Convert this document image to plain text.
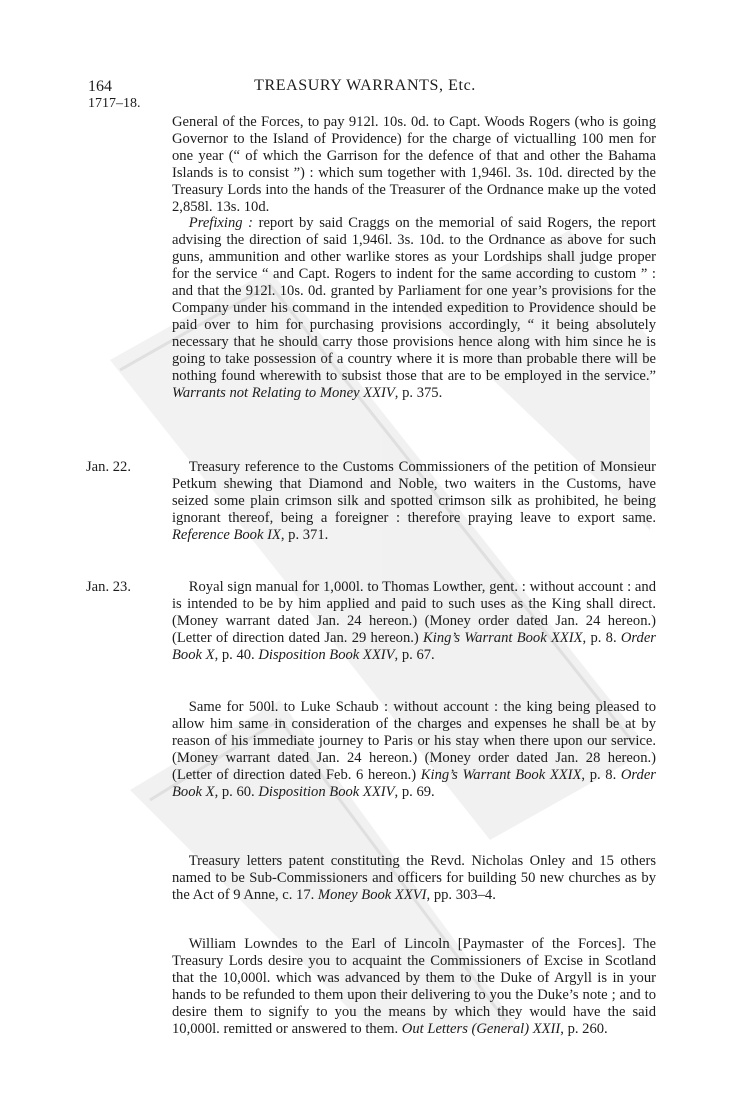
164	TREASURY WARRANTS, Etc.
1717–18.

General of the Forces, to pay 912l. 10s. 0d. to Capt. Woods Rogers (who is going Governor to the Island of Providence) for the charge of victualling 100 men for one year (“ of which the Garrison for the defence of that and other the Bahama Islands is to consist ”) : which sum together with 1,946l. 3s. 10d. directed by the Treasury Lords into the hands of the Treasurer of the Ordnance make up the voted 2,858l. 13s. 10d.

Prefixing : report by said Craggs on the memorial of said Rogers, the report advising the direction of said 1,946l. 3s. 10d. to the Ordnance as above for such guns, ammunition and other warlike stores as your Lordships shall judge proper for the service “ and Capt. Rogers to indent for the same according to custom ” : and that the 912l. 10s. 0d. granted by Parliament for one year’s provisions for the Company under his command in the intended expedition to Providence should be paid over to him for purchasing provisions accordingly, “ it being absolutely necessary that he should carry those provisions hence along with him since he is going to take possession of a country where it is more than probable there will be nothing found wherewith to subsist those that are to be employed in the service.” Warrants not Relating to Money XXIV, p. 375.

Jan. 22.	Treasury reference to the Customs Commissioners of the petition of Monsieur Petkum shewing that Diamond and Noble, two waiters in the Customs, have seized some plain crimson silk and spotted crimson silk as prohibited, he being ignorant thereof, being a foreigner : therefore praying leave to export same. Reference Book IX, p. 371.

Jan. 23.	Royal sign manual for 1,000l. to Thomas Lowther, gent. : without account : and is intended to be by him applied and paid to such uses as the King shall direct. (Money warrant dated Jan. 24 hereon.) (Money order dated Jan. 24 hereon.) (Letter of direction dated Jan. 29 hereon.) King’s Warrant Book XXIX, p. 8. Order Book X, p. 40. Disposition Book XXIV, p. 67.

Same for 500l. to Luke Schaub : without account : the king being pleased to allow him same in consideration of the charges and expenses he shall be at by reason of his immediate journey to Paris or his stay when there upon our service. (Money warrant dated Jan. 24 hereon.) (Money order dated Jan. 28 hereon.) (Letter of direction dated Feb. 6 hereon.) King’s Warrant Book XXIX, p. 8. Order Book X, p. 60. Disposition Book XXIV, p. 69.

Treasury letters patent constituting the Revd. Nicholas Onley and 15 others named to be Sub-Commissioners and officers for building 50 new churches as by the Act of 9 Anne, c. 17. Money Book XXVI, pp. 303–4.

William Lowndes to the Earl of Lincoln [Paymaster of the Forces]. The Treasury Lords desire you to acquaint the Commissioners of Excise in Scotland that the 10,000l. which was advanced by them to the Duke of Argyll is in your hands to be refunded to them upon their delivering to you the Duke’s note ; and to desire them to signify to you the means by which they would have the said 10,000l. remitted or answered to them. Out Letters (General) XXII, p. 260.
